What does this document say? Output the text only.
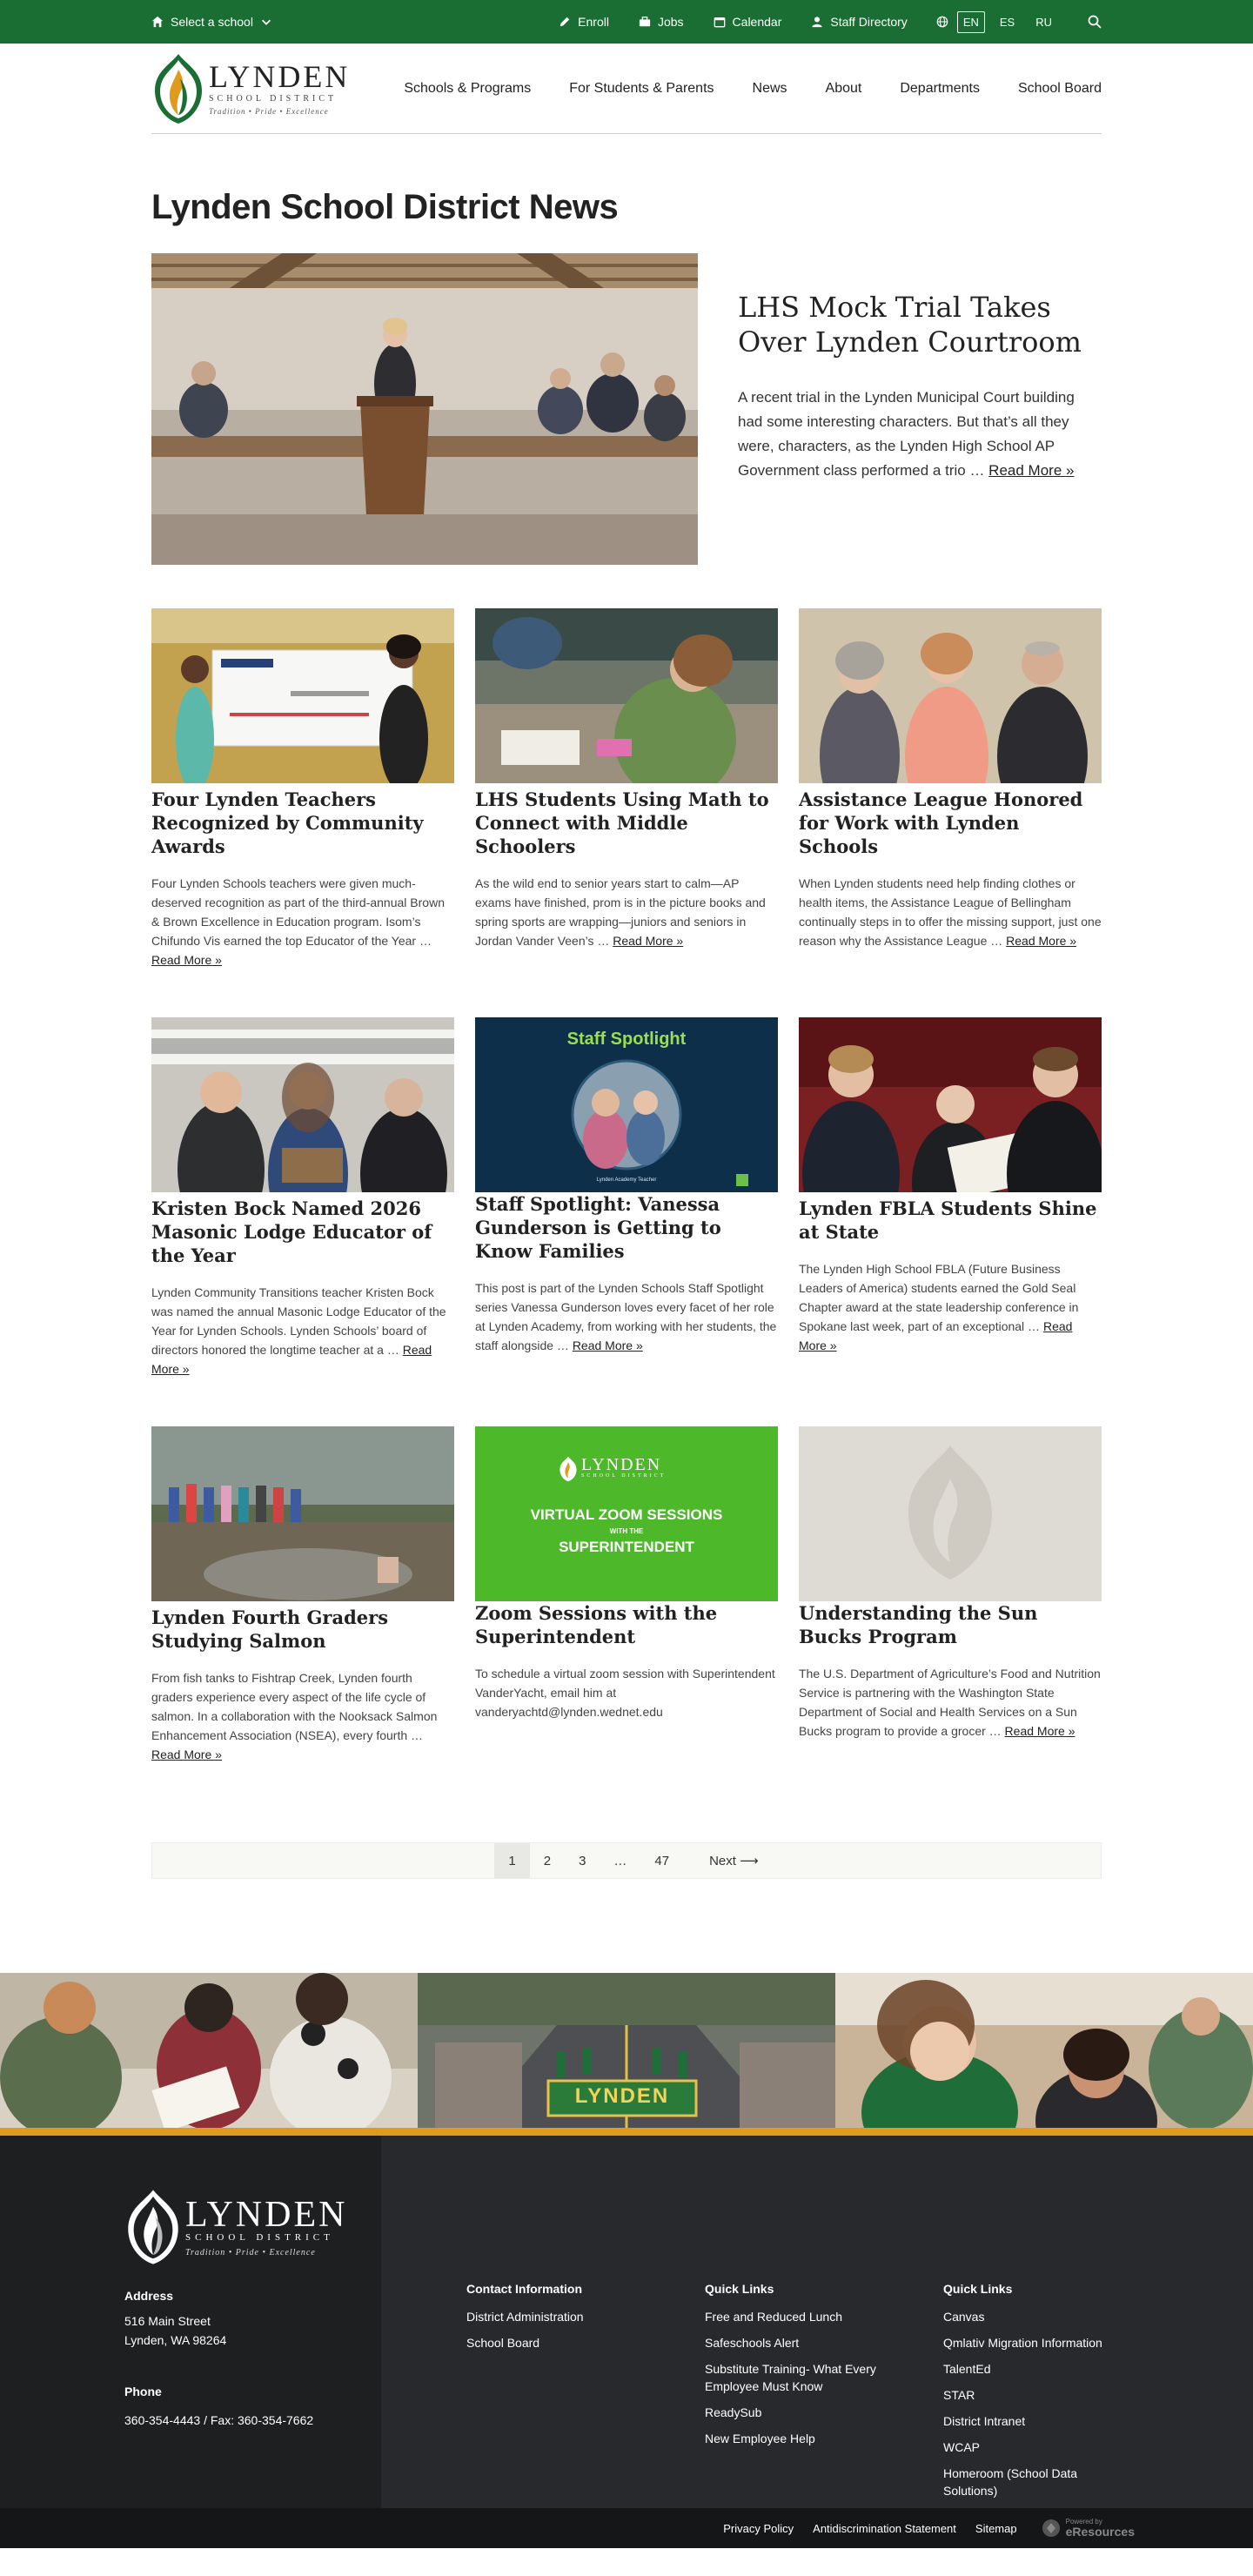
Select a school	Enroll	Jobs	Calendar	Staff Directory	EN	ES	RU
LYNDEN
SCHOOL DISTRICT
Tradition • Pride • Excellence
Schools & Programs	For Students & Parents	News	About	Departments	School Board
Lynden School District News
LHS Mock Trial Takes Over Lynden Courtroom

A recent trial in the Lynden Municipal Court building had some interesting characters. But that’s all they were, characters, as the Lynden High School AP Government class performed a trio … Read More »

Four Lynden Teachers Recognized by Community Awards

Four Lynden Schools teachers were given much-deserved recognition as part of the third-annual Brown & Brown Excellence in Education program. Isom’s Chifundo Vis earned the top Educator of the Year … Read More »

LHS Students Using Math to Connect with Middle Schoolers

As the wild end to senior years start to calm—AP exams have finished, prom is in the picture books and spring sports are wrapping—juniors and seniors in Jordan Vander Veen’s … Read More »

Assistance League Honored for Work with Lynden Schools

When Lynden students need help finding clothes or health items, the Assistance League of Bellingham continually steps in to offer the missing support, just one reason why the Assistance League … Read More »

Kristen Bock Named 2026 Masonic Lodge Educator of the Year

Lynden Community Transitions teacher Kristen Bock was named the annual Masonic Lodge Educator of the Year for Lynden Schools. Lynden Schools’ board of directors honored the longtime teacher at a … Read More »

Staff Spotlight
Lynden Academy Teacher
Staff Spotlight: Vanessa Gunderson is Getting to Know Families

This post is part of the Lynden Schools Staff Spotlight series Vanessa Gunderson loves every facet of her role at Lynden Academy, from working with her students, the staff alongside … Read More »

Lynden FBLA Students Shine at State

The Lynden High School FBLA (Future Business Leaders of America) students earned the Gold Seal Chapter award at the state leadership conference in Spokane last week, part of an exceptional … Read More »

Lynden Fourth Graders Studying Salmon

From fish tanks to Fishtrap Creek, Lynden fourth graders experience every aspect of the life cycle of salmon. In a collaboration with the Nooksack Salmon Enhancement Association (NSEA), every fourth … Read More »

LYNDEN
SCHOOL DISTRICT
VIRTUAL ZOOM SESSIONS
WITH THE
SUPERINTENDENT
Zoom Sessions with the Superintendent

To schedule a virtual zoom session with Superintendent VanderYacht, email him at vanderyachtd@lynden.wednet.edu

Understanding the Sun Bucks Program

The U.S. Department of Agriculture’s Food and Nutrition Service is partnering with the Washington State Department of Social and Health Services on a Sun Bucks program to provide a grocer … Read More »

1	2	3	…	47	Next ⟶
LYNDEN
LYNDEN
SCHOOL DISTRICT
Tradition • Pride • Excellence
Address
516 Main Street
Lynden, WA 98264
Phone
360-354-4443 / Fax: 360-354-7662
Contact Information
District Administration
School Board
Quick Links
Free and Reduced Lunch
Safeschools Alert
Substitute Training- What Every Employee Must Know
ReadySub
New Employee Help
Quick Links
Canvas
Qmlativ Migration Information
TalentEd
STAR
District Intranet
WCAP
Homeroom (School Data Solutions)
Privacy Policy Antidiscrimination Statement Sitemap	Powered by
eResources
